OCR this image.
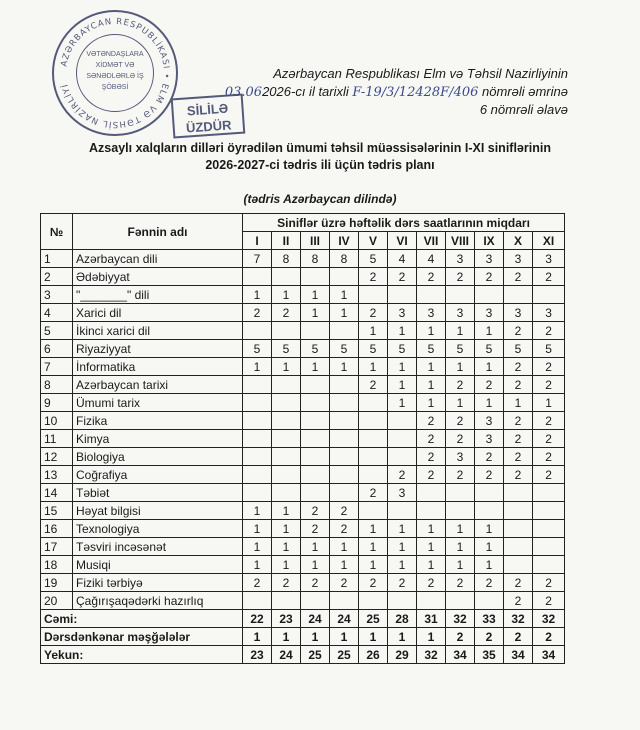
AZƏRBAYCAN RESPUBLİKASI • ELM VƏ TƏHSİL NAZİRLİYİ
VƏTƏNDAŞLARA
XİDMƏT VƏ
SƏNƏDLƏRLƏ İŞ
ŞÖBƏSİ
SİLİLƏ
ÜZDÜR
Azərbaycan Respublikası Elm və Təhsil Nazirliyinin
03.062026-cı il tarixli F-19/3/12428F/406 nömrəli əmrinə
6 nömrəli əlavə
Azsaylı xalqların dilləri öyrədilən ümumi təhsil müəssisələrinin I-XI siniflərinin
2026-2027-ci tədris ili üçün tədris planı
(tədris Azərbaycan dilində)
№	Fənnin adı	Siniflər üzrə həftəlik dərs saatlarının miqdarı										
		I	II	III	IV	V	VI	VII	VIII	IX	X	XI
1	Azərbaycan dili	7	8	8	8	5	4	4	3	3	3	3
2	Ədəbiyyat					2	2	2	2	2	2	2
3	"_______" dili	1	1	1	1							
4	Xarici dil	2	2	1	1	2	3	3	3	3	3	3
5	İkinci xarici dil					1	1	1	1	1	2	2
6	Riyaziyyat	5	5	5	5	5	5	5	5	5	5	5
7	İnformatika	1	1	1	1	1	1	1	1	1	2	2
8	Azərbaycan tarixi					2	1	1	2	2	2	2
9	Ümumi tarix						1	1	1	1	1	1
10	Fizika							2	2	3	2	2
11	Kimya							2	2	3	2	2
12	Biologiya							2	3	2	2	2
13	Coğrafiya						2	2	2	2	2	2
14	Təbiət					2	3					
15	Həyat bilgisi	1	1	2	2							
16	Texnologiya	1	1	2	2	1	1	1	1	1		
17	Təsviri incəsənət	1	1	1	1	1	1	1	1	1		
18	Musiqi	1	1	1	1	1	1	1	1	1		
19	Fiziki tərbiyə	2	2	2	2	2	2	2	2	2	2	2
20	Çağırışaqədərki hazırlıq										2	2
Cəmi:		22	23	24	24	25	28	31	32	33	32	32
Dərsdənkənar məşğələlər		1	1	1	1	1	1	1	2	2	2	2
Yekun:		23	24	25	25	26	29	32	34	35	34	34
